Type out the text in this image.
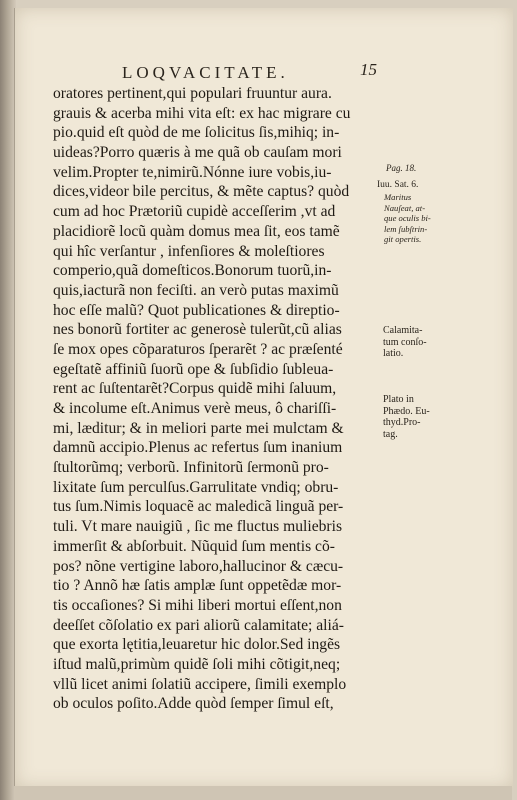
LOQVACITATE.	15
oratores pertinent,qui populari fruuntur aura.
grauis & acerba mihi vita eſt: ex hac migrare cu
pio.quid eſt quòd de me ſolicitus ſis,mihiq; in-
uideas?Porro quæris à me quã ob cauſam mori
velim.Propter te,nimirũ.Nónne iure vobis,iu-
dices,videor bile percitus, & mẽte captus? quòd
cum ad hoc Prætoriũ cupidè acceſſerim ,vt ad
placidiorẽ locũ quàm domus mea ſit, eos tamẽ
qui hîc verſantur , infenſiores & moleſtiores
comperio,quã domeſticos.Bonorum tuorũ,in-
quis,iacturã non feciſti. an verò putas maximũ
hoc eſſe malũ? Quot publicationes & direptio-
nes bonorũ fortiter ac generosè tulerũt,cũ alias
ſe mox opes cõparaturos ſperarẽt ? ac præſenté
egeſtatẽ affiniũ ſuorũ ope & ſubſidio ſubleua-
rent ac ſuſtentarẽt?Corpus quidẽ mihi ſaluum,
& incolume eſt.Animus verè meus, ô chariſſi-
mi, læditur; & in meliori parte mei mulctam &
damnũ accipio.Plenus ac refertus ſum inanium
ſtultorũmq; verborũ. Infinitorũ ſermonũ pro-
lixitate ſum perculſus.Garrulitate vndiq; obru-
tus ſum.Nimis loquacẽ ac maledicã linguã per-
tuli. Vt mare nauigiũ , ſic me fluctus muliebris
immerſit & abſorbuit. Nũquid ſum mentis cõ-
pos? nõne vertigine laboro,hallucinor & cæcu-
tio ? Annõ hæ ſatis amplæ ſunt oppetẽdæ mor-
tis occaſiones? Si mihi liberi mortui eſſent,non
deeſſet cõſolatio ex pari aliorũ calamitate; aliá-
que exorta lętitia,leuaretur hic dolor.Sed ingẽs
iſtud malũ,primùm quidẽ ſoli mihi cõtigit,neq;
vllũ licet animi ſolatiũ accipere, ſimili exemplo
ob oculos poſito.Adde quòd ſemper ſimul eſt,
Pag. 18.
Iuu. Sat. 6.
Maritus
Nauſeat, at-
que oculis bi-
lem ſubſtrin-
git opertis.
Calamita-
tum conſo-
latio.
Plato in
Phædo. Eu-
thyd.Pro-
tag.
